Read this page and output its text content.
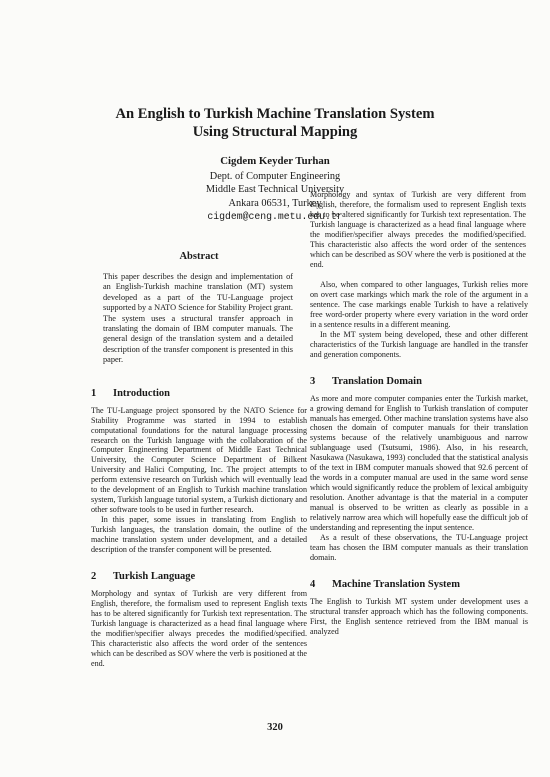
An English to Turkish Machine Translation System
Using Structural Mapping
Cigdem Keyder Turhan
Dept. of Computer Engineering
Middle East Technical University
Ankara 06531, Turkey
cigdem@ceng.metu.edu.tr
Abstract

This paper describes the design and implementation of an English-Turkish machine translation (MT) system developed as a part of the TU-Language project supported by a NATO Science for Stability Project grant. The system uses a structural transfer approach in translating the domain of IBM computer manuals. The general design of the translation system and a detailed description of the transfer component is presented in this paper.

1	Introduction

The TU-Language project sponsored by the NATO Science for Stability Programme was started in 1994 to establish computational foundations for the natural language processing research on the Turkish language with the collaboration of the Computer Engineering Department of Middle East Technical University, the Computer Science Department of Bilkent University and Halici Computing, Inc. The project attempts to perform extensive research on Turkish which will eventually lead to the development of an English to Turkish machine translation system, Turkish language tutorial system, a Turkish dictionary and other software tools to be used in further research.

In this paper, some issues in translating from English to Turkish languages, the translation domain, the outline of the machine translation system under development, and a detailed description of the transfer component will be presented.

2	Turkish Language

Morphology and syntax of Turkish are very different from English, therefore, the formalism used to represent English texts has to be altered significantly for Turkish text representation. The Turkish language is characterized as a head final language where the modifier/specifier always precedes the modified/specified. This characteristic also affects the word order of the sentences which can be described as SOV where the verb is positioned at the end.

Morphology and syntax of Turkish are very different from English, therefore, the formalism used to represent English texts has to be altered significantly for Turkish text representation. The Turkish language is characterized as a head final language where the modifier/specifier always precedes the modified/specified. This characteristic also affects the word order of the sentences which can be described as SOV where the verb is positioned at the end.

Also, when compared to other languages, Turkish relies more on overt case markings which mark the role of the argument in a sentence. The case markings enable Turkish to have a relatively free word-order property where every variation in the word order in a sentence results in a different meaning.

In the MT system being developed, these and other different characteristics of the Turkish language are handled in the transfer and generation components.

3	Translation Domain

As more and more computer companies enter the Turkish market, a growing demand for English to Turkish translation of computer manuals has emerged. Other machine translation systems have also chosen the domain of computer manuals for their translation systems because of the relatively unambiguous and narrow sublanguage used (Tsutsumi, 1986). Also, in his research, Nasukawa (Nasukawa, 1993) concluded that the statistical analysis of the text in IBM computer manuals showed that 92.6 percent of the words in a computer manual are used in the same word sense which would significantly reduce the problem of lexical ambiguity resolution. Another advantage is that the material in a computer manual is observed to be written as clearly as possible in a relatively narrow area which will hopefully ease the difficult job of understanding and representing the input sentence.

As a result of these observations, the TU-Language project team has chosen the IBM computer manuals as their translation domain.

4	Machine Translation System

The English to Turkish MT system under development uses a structural transfer approach which has the following components. First, the English sentence retrieved from the IBM manual is analyzed

320
